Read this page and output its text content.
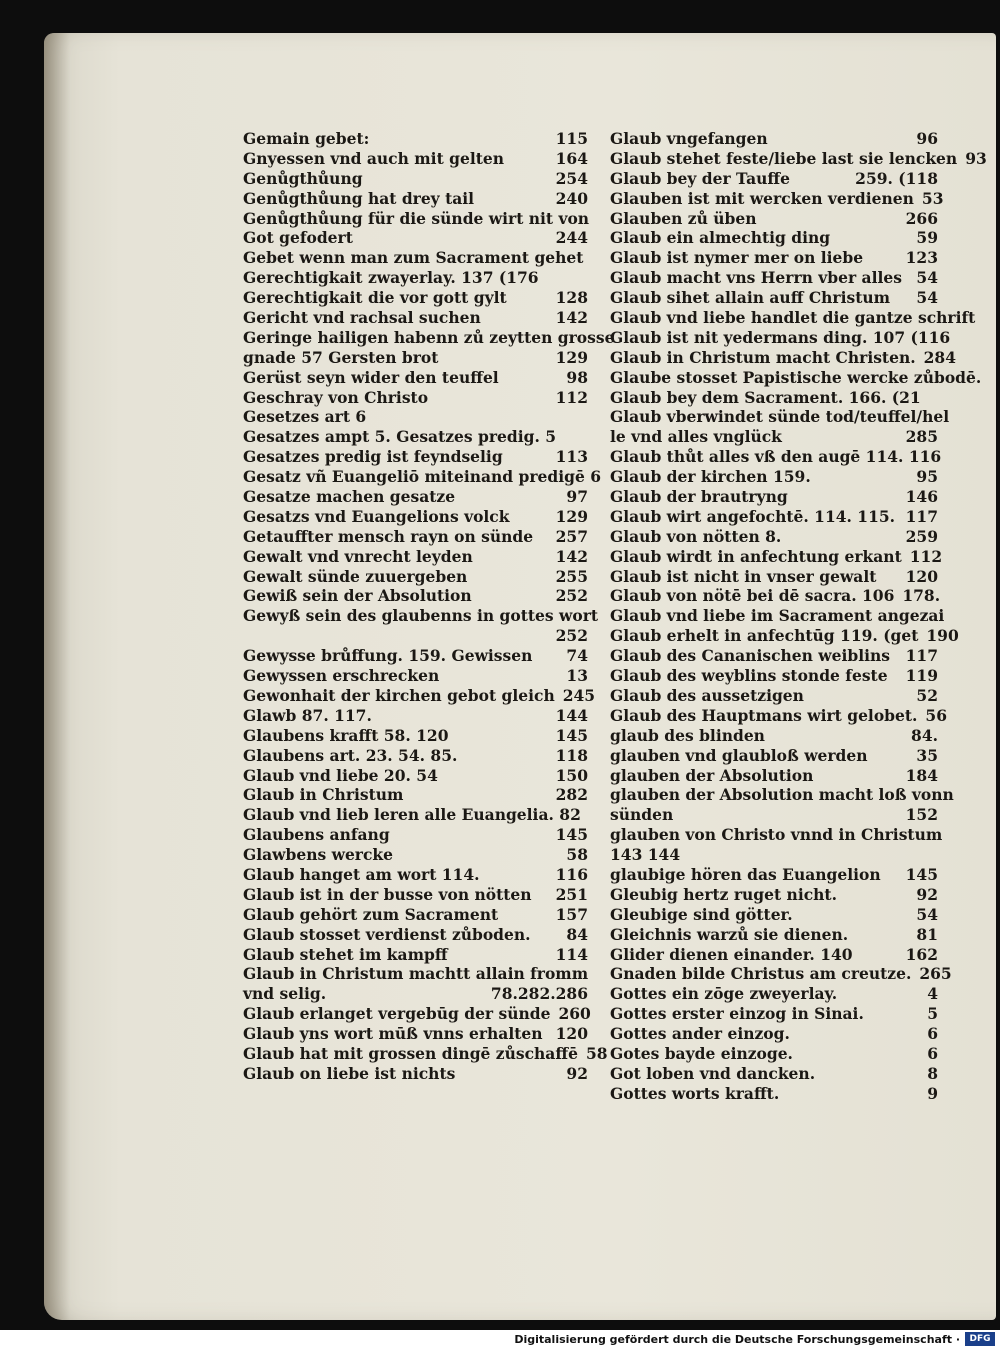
Gemain gebet:	115
Gnyessen vnd auch mit gelten	164
Genůgthůung	254
Genůgthůung hat drey tail	240
Genůgthůung für die sünde wirt nit von
Got gefodert	244
Gebet wenn man zum Sacrament gehet
Gerechtigkait zwayerlay. 137 (176
Gerechtigkait die vor gott gylt	128
Gericht vnd rachsal suchen	142
Geringe hailigen habenn zů zeytten grosse
gnade 57 Gersten brot	129
Gerüst seyn wider den teuffel	98
Geschray von Christo	112
Gesetzes art 6
Gesatzes ampt 5. Gesatzes predig. 5
Gesatzes predig ist feyndselig	113
Gesatz vñ Euangeliō miteinand predigē 6
Gesatze machen gesatze	97
Gesatzs vnd Euangelions volck	129
Getauffter mensch rayn on sünde	257
Gewalt vnd vnrecht leyden	142
Gewalt sünde zuuergeben	255
Gewiß sein der Absolution	252
Gewyß sein des glaubenns in gottes wort
252
Gewysse brůffung. 159. Gewissen	74
Gewyssen erschrecken	13
Gewonhait der kirchen gebot gleich 245
Glawb 87. 117.	144
Glaubens krafft 58. 120	145
Glaubens art. 23. 54. 85.	118
Glaub vnd liebe 20. 54	150
Glaub in Christum	282
Glaub vnd lieb leren alle Euangelia. 82
Glaubens anfang	145
Glawbens wercke	58
Glaub hanget am wort 114.	116
Glaub ist in der busse von nötten	251
Glaub gehört zum Sacrament	157
Glaub stosset verdienst zůboden.	84
Glaub stehet im kampff	114
Glaub in Christum machtt allain fromm
vnd selig.	78.282.286
Glaub erlanget vergebūg der sünde 260
Glaub yns wort mūß vnns erhalten 120
Glaub hat mit grossen dingē zůschaffē 58
Glaub on liebe ist nichts	92
Glaub vngefangen	96
Glaub stehet feste/liebe last sie lencken 93
Glaub bey der Tauffe	259. (118
Glauben ist mit wercken verdienen 53
Glauben zů üben	266
Glaub ein almechtig ding	59
Glaub ist nymer mer on liebe	123
Glaub macht vns Herrn vber alles 54
Glaub sihet allain auff Christum	54
Glaub vnd liebe handlet die gantze schrift
Glaub ist nit yedermans ding. 107 (116
Glaub in Christum macht Christen. 284
Glaube stosset Papistische wercke zůbodē.
Glaub bey dem Sacrament. 166. (21
Glaub vberwindet sünde tod/teuffel/hel
le vnd alles vnglück	285
Glaub thůt alles vß den augē 114. 116
Glaub der kirchen 159.	95
Glaub der brautryng	146
Glaub wirt angefochtē. 114. 115. 117
Glaub von nötten 8.	259
Glaub wirdt in anfechtung erkant 112
Glaub ist nicht in vnser gewalt	120
Glaub von nötē bei dē sacra. 106 178.
Glaub vnd liebe im Sacrament angezai
Glaub erhelt in anfechtūg 119. (get 190
Glaub des Cananischen weiblins	117
Glaub des weyblins stonde feste	119
Glaub des aussetzigen	52
Glaub des Hauptmans wirt gelobet. 56
glaub des blinden	84.
glauben vnd glaubloß werden	35
glauben der Absolution	184
glauben der Absolution macht loß vonn
sünden	152
glauben von Christo vnnd in Christum
143 144
glaubige hören das Euangelion	145
Gleubig hertz ruget nicht.	92
Gleubige sind götter.	54
Gleichnis warzů sie dienen.	81
Glider dienen einander. 140	162
Gnaden bilde Christus am creutze. 265
Gottes ein zōge zweyerlay.	4
Gottes erster einzog in Sinai.	5
Gottes ander einzog.	6
Gotes bayde einzoge.	6
Got loben vnd dancken.	8
Gottes worts krafft.	9
Digitalisierung gefördert durch die Deutsche Forschungsgemeinschaft ·	DFG
